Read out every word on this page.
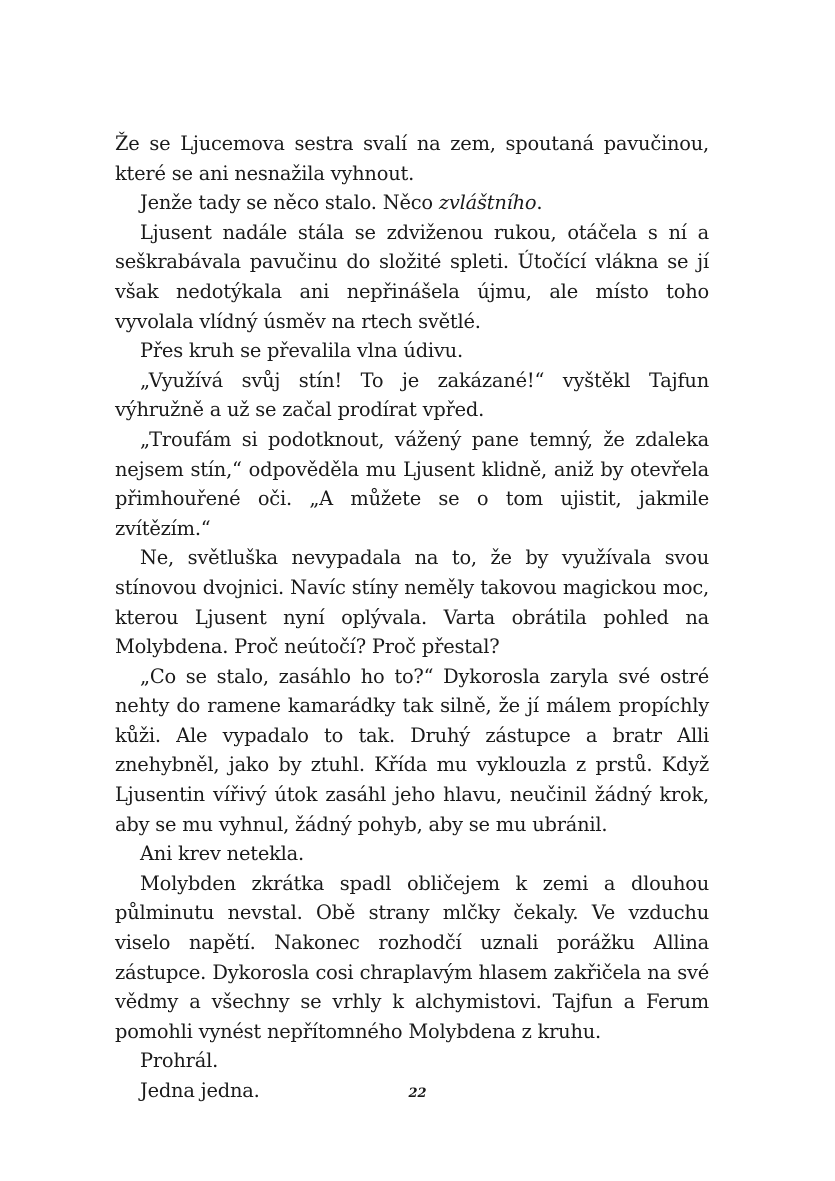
Že se Ljucemova sestra svalí na zem, spoutaná pavučinou, které se ani nesnažila vyhnout.

Jenže tady se něco stalo. Něco zvláštního.

Ljusent nadále stála se zdviženou rukou, otáčela s ní a seškrabávala pavučinu do složité spleti. Útočící vlákna se jí však nedotýkala ani nepřinášela újmu, ale místo toho vyvolala vlídný úsměv na rtech světlé.

Přes kruh se převalila vlna údivu.

„Využívá svůj stín! To je zakázané!“ vyštěkl Tajfun výhružně a už se začal prodírat vpřed.

„Troufám si podotknout, vážený pane temný, že zdaleka nejsem stín,“ odpověděla mu Ljusent klidně, aniž by otevřela přimhouřené oči. „A můžete se o tom ujistit, jakmile zvítězím.“

Ne, světluška nevypadala na to, že by využívala svou stínovou dvojnici. Navíc stíny neměly takovou magickou moc, kterou Ljusent nyní oplývala. Varta obrátila pohled na Molybdena. Proč neútočí? Proč přestal?

„Co se stalo, zasáhlo ho to?“ Dykorosla zaryla své ostré nehty do ramene kamarádky tak silně, že jí málem propíchly kůži. Ale vypadalo to tak. Druhý zástupce a bratr Alli znehybněl, jako by ztuhl. Křída mu vyklouzla z prstů. Když Ljusentin vířivý útok zasáhl jeho hlavu, neučinil žádný krok, aby se mu vyhnul, žádný pohyb, aby se mu ubránil.

Ani krev netekla.

Molybden zkrátka spadl obličejem k zemi a dlouhou půlminutu nevstal. Obě strany mlčky čekaly. Ve vzduchu viselo napětí. Nakonec rozhodčí uznali porážku Allina zástupce. Dykorosla cosi chraplavým hlasem zakřičela na své vědmy a všechny se vrhly k alchymistovi. Tajfun a Ferum pomohli vynést nepřítomného Molybdena z kruhu.

Prohrál.

Jedna jedna.	22
